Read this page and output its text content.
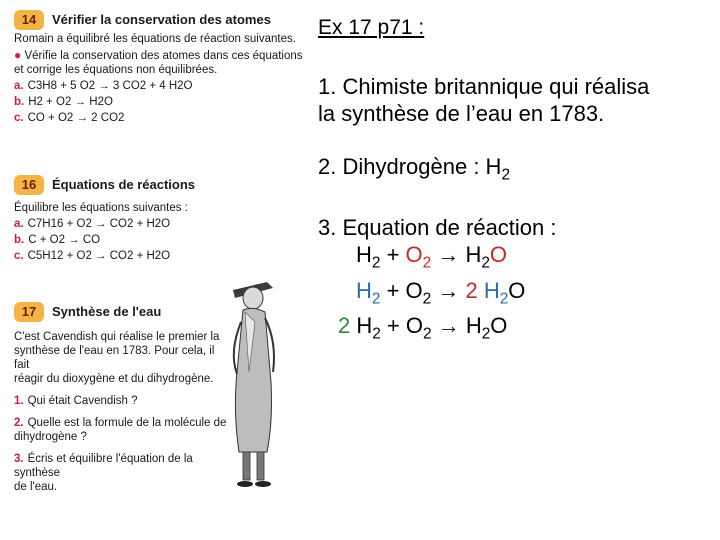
14	Vérifier la conservation des atomes

Romain a équilibré les équations de réaction suivantes.

● Vérifie la conservation des atomes dans ces équations
et corrige les équations non équilibrées.

a. C3H8 + 5 O2 → 3 CO2 + 4 H2O

b. H2 + O2 → H2O

c. CO + O2 → 2 CO2

16	Équations de réactions

Équilibre les équations suivantes :

a. C7H16 + O2 → CO2 + H2O

b. C + O2 → CO

c. C5H12 + O2 → CO2 + H2O

17	Synthèse de l'eau

C'est Cavendish qui réalise le premier la
synthèse de l'eau en 1783. Pour cela, il fait
réagir du dioxygène et du dihydrogène.

1. Qui était Cavendish ?

2. Quelle est la formule de la molécule de
dihydrogène ?

3. Écris et équilibre l'équation de la synthèse
de l'eau.

Ex 17 p71 :

1. Chimiste britannique qui réalisa
la synthèse de l’eau en 1783.

2. Dihydrogène : $H_2$

3. Equation de réaction :

$H_2 + O_2 \to H_2O$
$H_2 + O_2 \to 2$ $H_2O$
2 $H_2 + O_2 \to H_2O$
